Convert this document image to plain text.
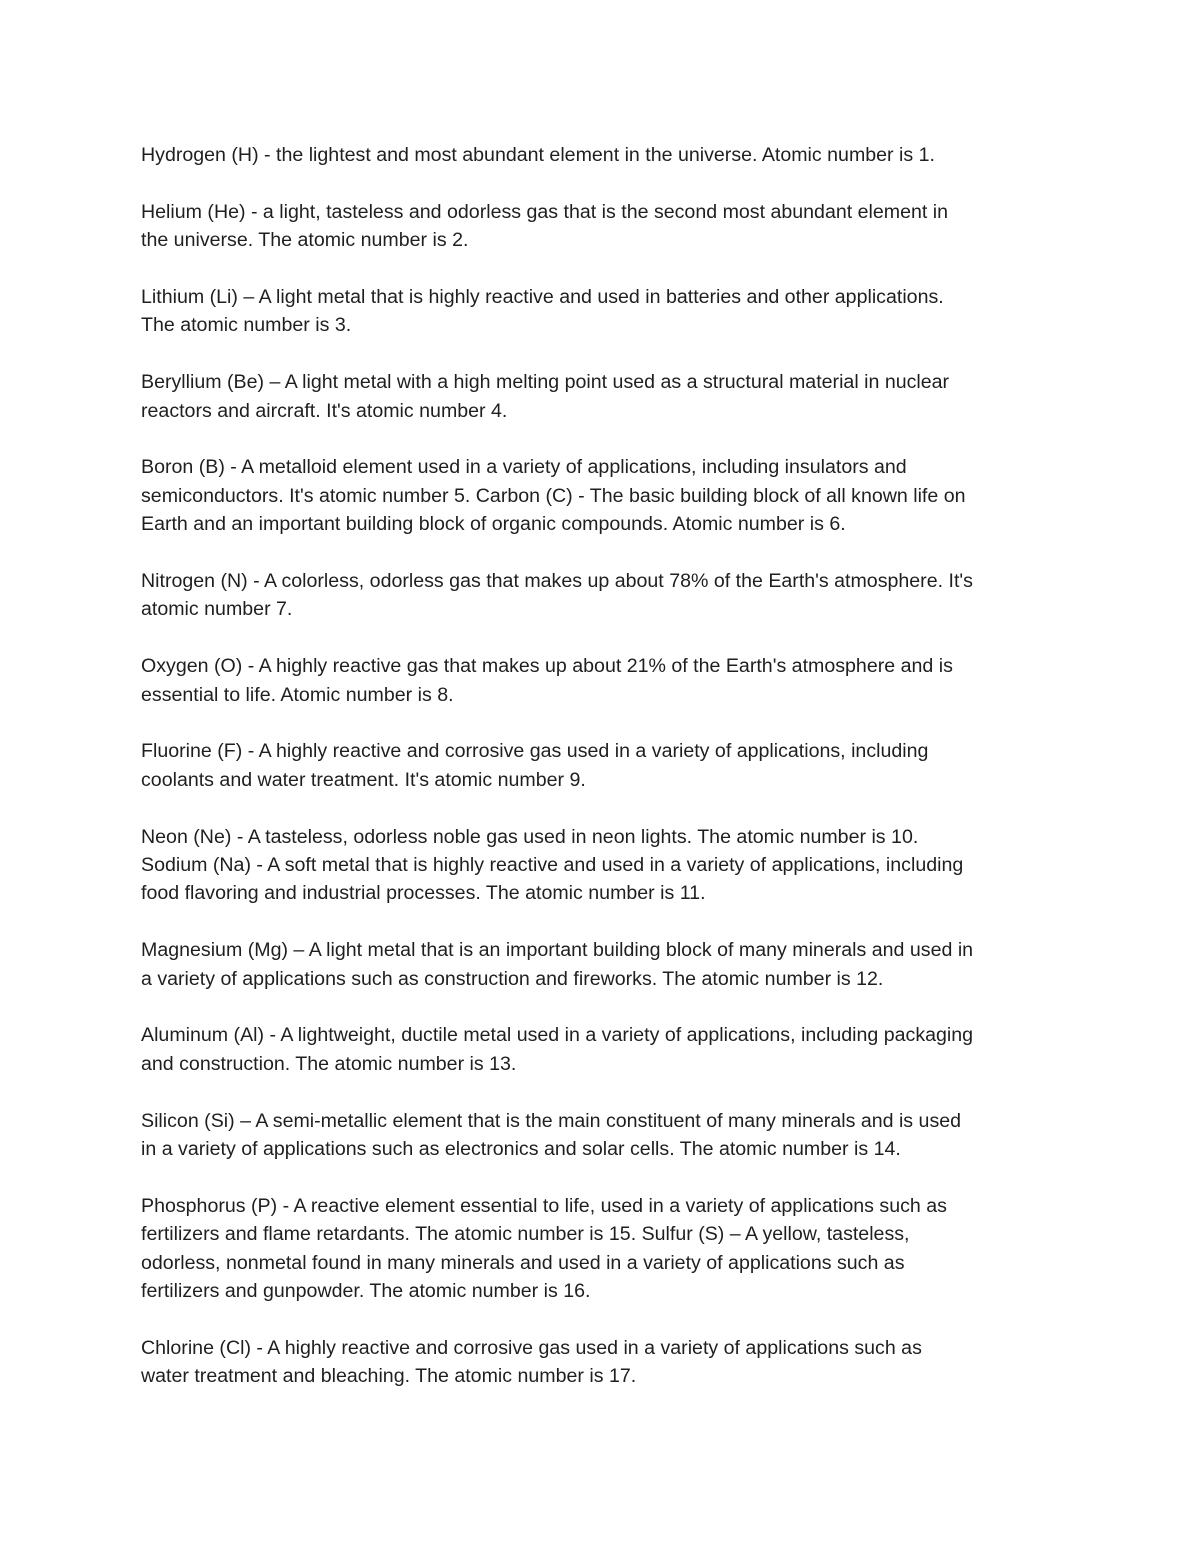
Hydrogen (H) - the lightest and most abundant element in the universe. Atomic number is 1.

Helium (He) - a light, tasteless and odorless gas that is the second most abundant element in
the universe. The atomic number is 2.

Lithium (Li) – A light metal that is highly reactive and used in batteries and other applications.
The atomic number is 3.

Beryllium (Be) – A light metal with a high melting point used as a structural material in nuclear
reactors and aircraft. It's atomic number 4.

Boron (B) - A metalloid element used in a variety of applications, including insulators and
semiconductors. It's atomic number 5. Carbon (C) - The basic building block of all known life on
Earth and an important building block of organic compounds. Atomic number is 6.

Nitrogen (N) - A colorless, odorless gas that makes up about 78% of the Earth's atmosphere. It's
atomic number 7.

Oxygen (O) - A highly reactive gas that makes up about 21% of the Earth's atmosphere and is
essential to life. Atomic number is 8.

Fluorine (F) - A highly reactive and corrosive gas used in a variety of applications, including
coolants and water treatment. It's atomic number 9.

Neon (Ne) - A tasteless, odorless noble gas used in neon lights. The atomic number is 10.
Sodium (Na) - A soft metal that is highly reactive and used in a variety of applications, including
food flavoring and industrial processes. The atomic number is 11.

Magnesium (Mg) – A light metal that is an important building block of many minerals and used in
a variety of applications such as construction and fireworks. The atomic number is 12.

Aluminum (Al) - A lightweight, ductile metal used in a variety of applications, including packaging
and construction. The atomic number is 13.

Silicon (Si) – A semi-metallic element that is the main constituent of many minerals and is used
in a variety of applications such as electronics and solar cells. The atomic number is 14.

Phosphorus (P) - A reactive element essential to life, used in a variety of applications such as
fertilizers and flame retardants. The atomic number is 15. Sulfur (S) – A yellow, tasteless,
odorless, nonmetal found in many minerals and used in a variety of applications such as
fertilizers and gunpowder. The atomic number is 16.

Chlorine (Cl) - A highly reactive and corrosive gas used in a variety of applications such as
water treatment and bleaching. The atomic number is 17.
